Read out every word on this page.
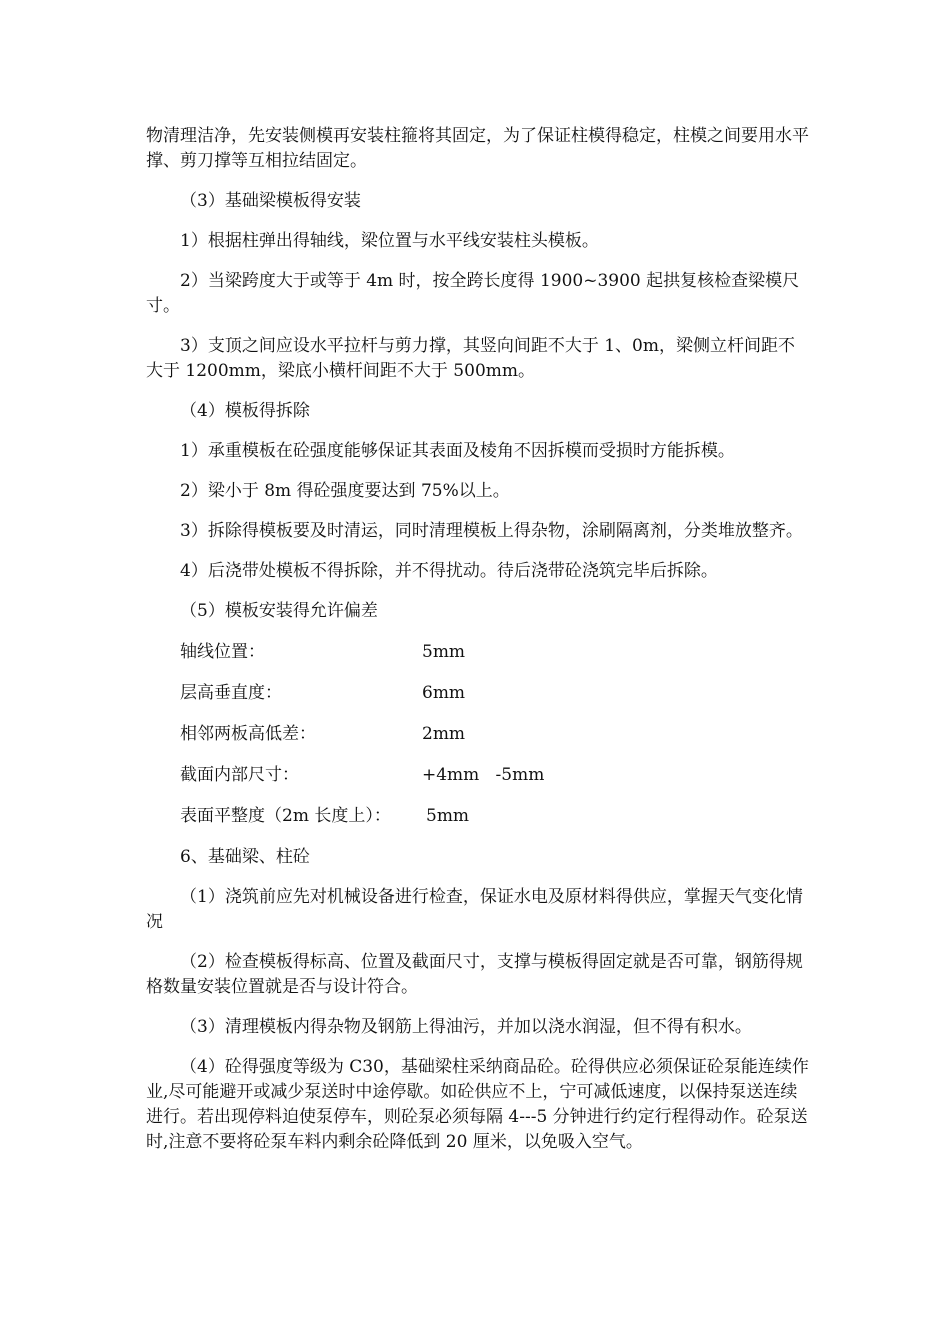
物清理洁净，先安装侧模再安装柱箍将其固定，为了保证柱模得稳定，柱模之间要用水平撑、剪刀撑等互相拉结固定。

（3）基础梁模板得安装

1）根据柱弹出得轴线，梁位置与水平线安装柱头模板。

2）当梁跨度大于或等于 4m 时，按全跨长度得 1900~3900 起拱复核检查梁模尺寸。

3）支顶之间应设水平拉杆与剪力撑，其竖向间距不大于 1、0m，梁侧立杆间距不大于 1200mm，梁底小横杆间距不大于 500mm。

（4）模板得拆除

1）承重模板在砼强度能够保证其表面及棱角不因拆模而受损时方能拆模。

2）梁小于 8m 得砼强度要达到 75%以上。

3）拆除得模板要及时清运，同时清理模板上得杂物，涂刷隔离剂，分类堆放整齐。

4）后浇带处模板不得拆除，并不得扰动。待后浇带砼浇筑完毕后拆除。

（5）模板安装得允许偏差

轴线位置：	5mm
层高垂直度：	6mm
相邻两板高低差：	2mm
截面内部尺寸：	+4mm   -5mm
表面平整度（2m 长度上）： 5mm

6、基础梁、柱砼

（1）浇筑前应先对机械设备进行检查，保证水电及原材料得供应，掌握天气变化情况

（2）检查模板得标高、位置及截面尺寸，支撑与模板得固定就是否可靠，钢筋得规格数量安装位置就是否与设计符合。

（3）清理模板内得杂物及钢筋上得油污，并加以浇水润湿，但不得有积水。

（4）砼得强度等级为 C30，基础梁柱采纳商品砼。砼得供应必须保证砼泵能连续作业,尽可能避开或减少泵送时中途停歇。如砼供应不上，宁可减低速度，以保持泵送连续进行。若出现停料迫使泵停车，则砼泵必须每隔 4---5 分钟进行约定行程得动作。砼泵送时,注意不要将砼泵车料内剩余砼降低到 20 厘米，以免吸入空气。
